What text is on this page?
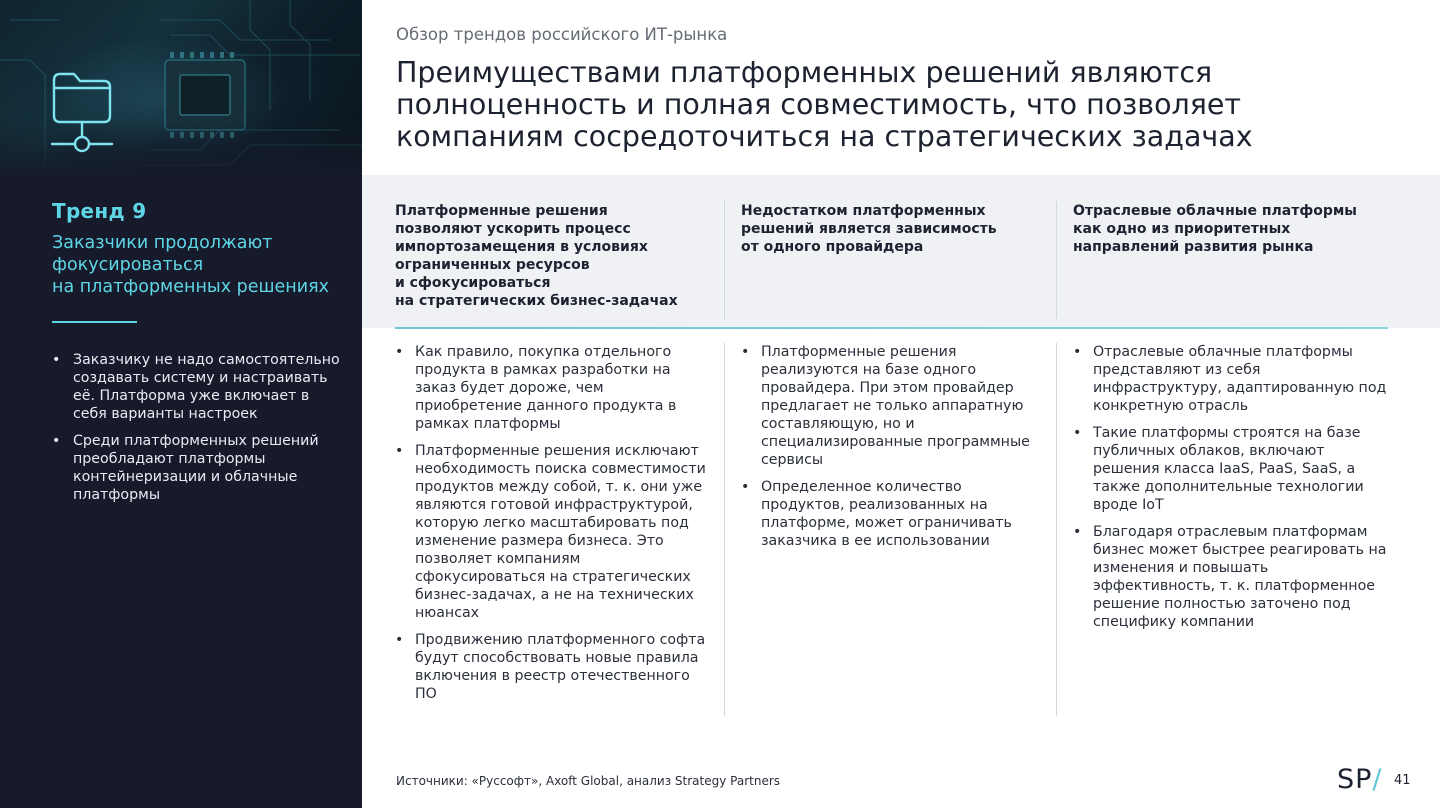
Тренд 9
Заказчики продолжают
фокусироваться
на платформенных решениях
• Заказчику не надо самостоятельно создавать систему и настраивать её. Платформа уже включает в себя варианты настроек
• Среди платформенных решений преобладают платформы контейнеризации и облачные платформы
Обзор трендов российского ИТ-рынка
Преимуществами платформенных решений являются
полноценность и полная совместимость, что позволяет
компаниям сосредоточиться на стратегических задачах
Платформенные решения
позволяют ускорить процесс
импортозамещения в условиях
ограниченных ресурсов
и сфокусироваться
на стратегических бизнес-задачах
Недостатком платформенных
решений является зависимость
от одного провайдера
Отраслевые облачные платформы
как одно из приоритетных
направлений развития рынка
• Как правило, покупка отдельного продукта в рамках разработки на заказ будет дороже, чем приобретение данного продукта в рамках платформы
• Платформенные решения исключают необходимость поиска совместимости продуктов между собой, т. к. они уже являются готовой инфраструктурой, которую легко масштабировать под изменение размера бизнеса. Это позволяет компаниям сфокусироваться на стратегических бизнес-задачах, а не на технических нюансах
• Продвижению платформенного софта будут способствовать новые правила включения в реестр отечественного ПО
• Платформенные решения реализуются на базе одного провайдера. При этом провайдер предлагает не только аппаратную составляющую, но и специализированные программные сервисы
• Определенное количество продуктов, реализованных на платформе, может ограничивать заказчика в ее использовании
• Отраслевые облачные платформы представляют из себя инфраструктуру, адаптированную под конкретную отрасль
• Такие платформы строятся на базе публичных облаков, включают решения класса IaaS, PaaS, SaaS, а также дополнительные технологии вроде IoT
• Благодаря отраслевым платформам бизнес может быстрее реагировать на изменения и повышать эффективность, т. к. платформенное решение полностью заточено под специфику компании
Источники: «Руссофт», Axoft Global, анализ Strategy Partners	SP/ 41
